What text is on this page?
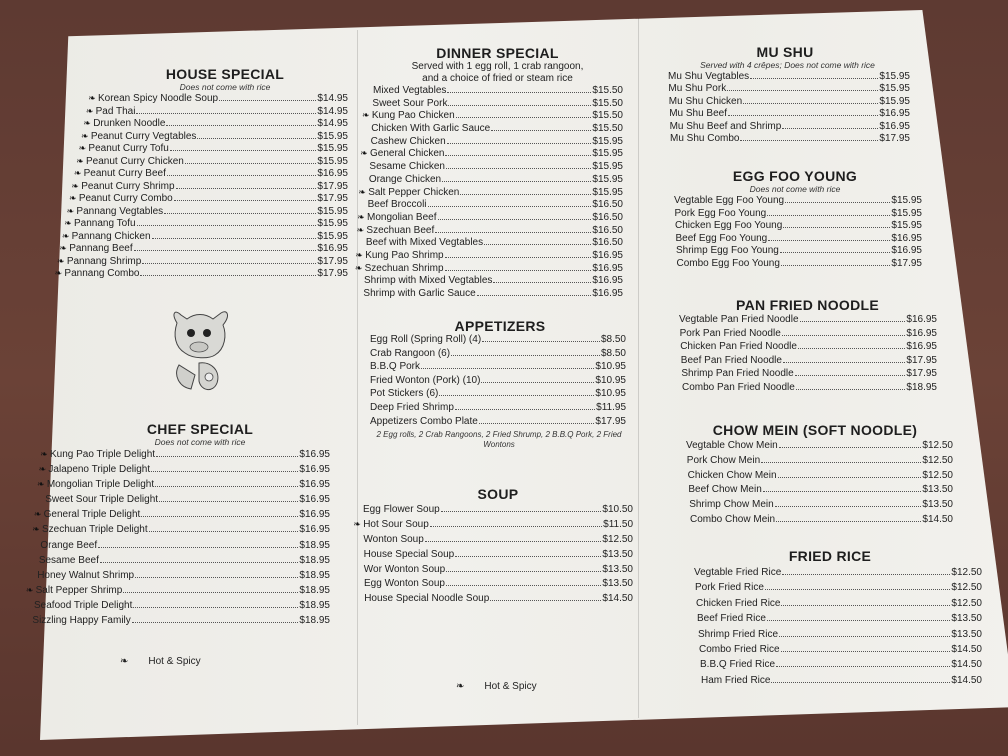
HOUSE SPECIAL
Does not come with rice
❧ Korean Spicy Noodle Soup	$14.95
❧ Pad Thai	$14.95
❧ Drunken Noodle	$14.95
❧ Peanut Curry Vegtables	$15.95
❧ Peanut Curry Tofu	$15.95
❧ Peanut Curry Chicken	$15.95
❧ Peanut Curry Beef	$16.95
❧ Peanut Curry Shrimp	$17.95
❧ Peanut Curry Combo	$17.95
❧ Pannang Vegtables	$15.95
❧ Pannang Tofu	$15.95
❧ Pannang Chicken	$15.95
❧ Pannang Beef	$16.95
❧ Pannang Shrimp	$17.95
❧ Pannang Combo	$17.95
CHEF SPECIAL
Does not come with rice
❧ Kung Pao Triple Delight	$16.95
❧ Jalapeno Triple Delight	$16.95
❧ Mongolian Triple Delight	$16.95
Sweet Sour Triple Delight	$16.95
❧ General Triple Delight	$16.95
❧ Szechuan Triple Delight	$16.95
Orange Beef	$18.95
Sesame Beef	$18.95
Honey Walnut Shrimp	$18.95
❧ Salt Pepper Shrimp	$18.95
Seafood Triple Delight	$18.95
Sizzling Happy Family	$18.95
❧ Hot & Spicy
DINNER SPECIAL
Served with 1 egg roll, 1 crab rangoon,
and a choice of fried or steam rice
Mixed Vegtables	$15.50
Sweet Sour Pork	$15.50
❧ Kung Pao Chicken	$15.50
Chicken With Garlic Sauce	$15.50
Cashew Chicken	$15.95
❧ General Chicken	$15.95
Sesame Chicken	$15.95
Orange Chicken	$15.95
❧ Salt Pepper Chicken	$15.95
Beef Broccoli	$16.50
❧ Mongolian Beef	$16.50
❧ Szechuan Beef	$16.50
Beef with Mixed Vegtables	$16.50
❧ Kung Pao Shrimp	$16.95
❧ Szechuan Shrimp	$16.95
Shrimp with Mixed Vegtables	$16.95
Shrimp with Garlic Sauce	$16.95
APPETIZERS
Egg Roll (Spring Roll) (4)	$8.50
Crab Rangoon (6)	$8.50
B.B.Q Pork	$10.95
Fried Wonton (Pork) (10)	$10.95
Pot Stickers (6)	$10.95
Deep Fried Shrimp	$11.95
Appetizers Combo Plate	$17.95
2 Egg rolls, 2 Crab Rangoons, 2 Fried Shrump, 2 B.B.Q Pork, 2 Fried
Wontons
SOUP
Egg Flower Soup	$10.50
❧ Hot Sour Soup	$11.50
Wonton Soup	$12.50
House Special Soup	$13.50
Wor Wonton Soup	$13.50
Egg Wonton Soup	$13.50
House Special Noodle Soup	$14.50
❧ Hot & Spicy
MU SHU
Served with 4 crêpes; Does not come with rice
Mu Shu Vegtables	$15.95
Mu Shu Pork	$15.95
Mu Shu Chicken	$15.95
Mu Shu Beef	$16.95
Mu Shu Beef and Shrimp	$16.95
Mu Shu Combo	$17.95
EGG FOO YOUNG
Does not come with rice
Vegtable Egg Foo Young	$15.95
Pork Egg Foo Young	$15.95
Chicken Egg Foo Young	$15.95
Beef Egg Foo Young	$16.95
Shrimp Egg Foo Young	$16.95
Combo Egg Foo Young	$17.95
PAN FRIED NOODLE
Vegtable Pan Fried Noodle	$16.95
Pork Pan Fried Noodle	$16.95
Chicken Pan Fried Noodle	$16.95
Beef Pan Fried Noodle	$17.95
Shrimp Pan Fried Noodle	$17.95
Combo Pan Fried Noodle	$18.95
CHOW MEIN (SOFT NOODLE)
Vegtable Chow Mein	$12.50
Pork Chow Mein	$12.50
Chicken Chow Mein	$12.50
Beef Chow Mein	$13.50
Shrimp Chow Mein	$13.50
Combo Chow Mein	$14.50
FRIED RICE
Vegtable Fried Rice	$12.50
Pork Fried Rice	$12.50
Chicken Fried Rice	$12.50
Beef Fried Rice	$13.50
Shrimp Fried Rice	$13.50
Combo Fried Rice	$14.50
B.B.Q Fried Rice	$14.50
Ham Fried Rice	$14.50
